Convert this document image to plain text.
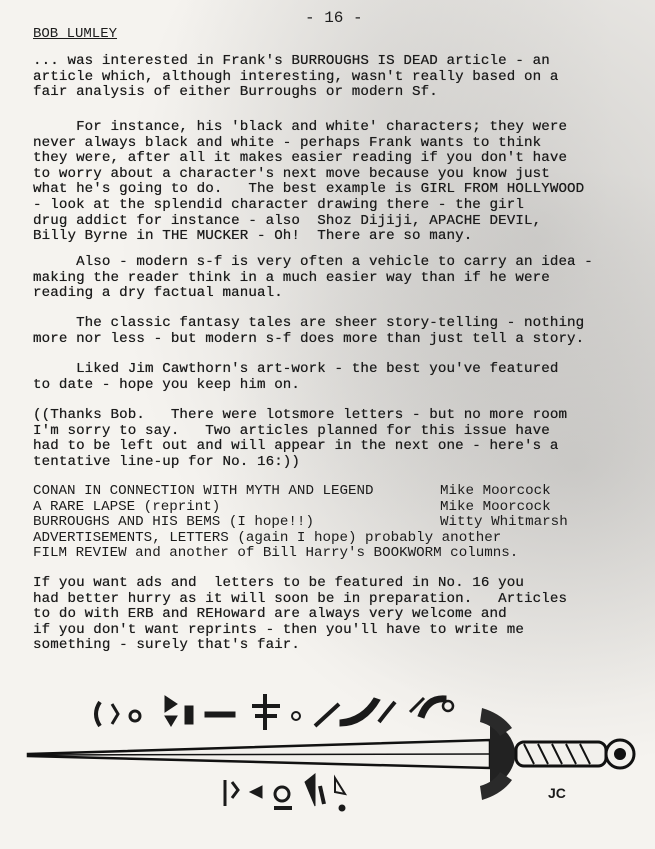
- 16 -
BOB LUMLEY
... was interested in Frank's BURROUGHS IS DEAD article - an
article which, although interesting, wasn't really based on a
fair analysis of either Burroughs or modern Sf.
For instance, his 'black and white' characters; they were
never always black and white - perhaps Frank wants to think
they were, after all it makes easier reading if you don't have
to worry about a character's next move because you know just
what he's going to do.   The best example is GIRL FROM HOLLYWOOD
- look at the splendid character drawing there - the girl
drug addict for instance - also  Shoz Dijiji, APACHE DEVIL,
Billy Byrne in THE MUCKER - Oh!  There are so many.
Also - modern s-f is very often a vehicle to carry an idea -
making the reader think in a much easier way than if he were
reading a dry factual manual.
The classic fantasy tales are sheer story-telling - nothing
more nor less - but modern s-f does more than just tell a story.
Liked Jim Cawthorn's art-work - the best you've featured
to date - hope you keep him on.
((Thanks Bob.   There were lotsmore letters - but no more room
I'm sorry to say.   Two articles planned for this issue have
had to be left out and will appear in the next one - here's a
tentative line-up for No. 16:))
CONAN IN CONNECTION WITH MYTH AND LEGEND	Mike Moorcock
A RARE LAPSE (reprint)	Mike Moorcock
BURROUGHS AND HIS BEMS (I hope!!)	Witty Whitmarsh
ADVERTISEMENTS, LETTERS (again I hope) probably another
FILM REVIEW and another of Bill Harry's BOOKWORM columns.
If you want ads and  letters to be featured in No. 16 you
had better hurry as it will soon be in preparation.   Articles
to do with ERB and REHoward are always very welcome and
if you don't want reprints - then you'll have to write me
something - surely that's fair.
JC
